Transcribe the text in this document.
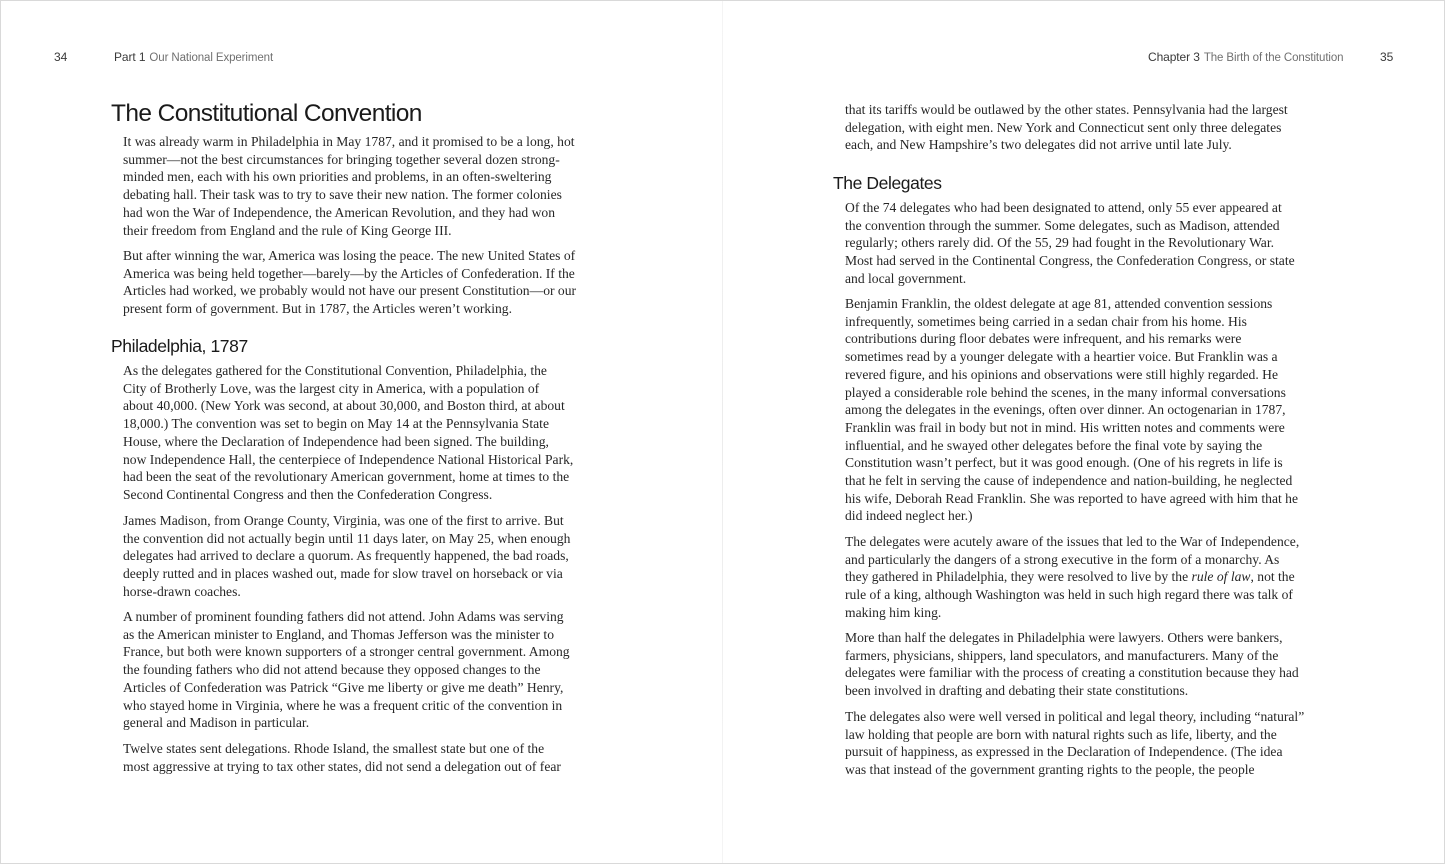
34	Part 1 Our National Experiment	Chapter 3 The Birth of the Constitution	35
The Constitutional Convention

It was already warm in Philadelphia in May 1787, and it promised to be a long, hot
summer—not the best circumstances for bringing together several dozen strong-
minded men, each with his own priorities and problems, in an often-sweltering
debating hall. Their task was to try to save their new nation. The former colonies
had won the War of Independence, the American Revolution, and they had won
their freedom from England and the rule of King George III.

But after winning the war, America was losing the peace. The new United States of
America was being held together—barely—by the Articles of Confederation. If the
Articles had worked, we probably would not have our present Constitution—or our
present form of government. But in 1787, the Articles weren’t working.

Philadelphia, 1787

As the delegates gathered for the Constitutional Convention, Philadelphia, the
City of Brotherly Love, was the largest city in America, with a population of
about 40,000. (New York was second, at about 30,000, and Boston third, at about
18,000.) The convention was set to begin on May 14 at the Pennsylvania State
House, where the Declaration of Independence had been signed. The building,
now Independence Hall, the centerpiece of Independence National Historical Park,
had been the seat of the revolutionary American government, home at times to the
Second Continental Congress and then the Confederation Congress.

James Madison, from Orange County, Virginia, was one of the first to arrive. But
the convention did not actually begin until 11 days later, on May 25, when enough
delegates had arrived to declare a quorum. As frequently happened, the bad roads,
deeply rutted and in places washed out, made for slow travel on horseback or via
horse-drawn coaches.

A number of prominent founding fathers did not attend. John Adams was serving
as the American minister to England, and Thomas Jefferson was the minister to
France, but both were known supporters of a stronger central government. Among
the founding fathers who did not attend because they opposed changes to the
Articles of Confederation was Patrick “Give me liberty or give me death” Henry,
who stayed home in Virginia, where he was a frequent critic of the convention in
general and Madison in particular.

Twelve states sent delegations. Rhode Island, the smallest state but one of the
most aggressive at trying to tax other states, did not send a delegation out of fear

that its tariffs would be outlawed by the other states. Pennsylvania had the largest
delegation, with eight men. New York and Connecticut sent only three delegates
each, and New Hampshire’s two delegates did not arrive until late July.

The Delegates

Of the 74 delegates who had been designated to attend, only 55 ever appeared at
the convention through the summer. Some delegates, such as Madison, attended
regularly; others rarely did. Of the 55, 29 had fought in the Revolutionary War.
Most had served in the Continental Congress, the Confederation Congress, or state
and local government.

Benjamin Franklin, the oldest delegate at age 81, attended convention sessions
infrequently, sometimes being carried in a sedan chair from his home. His
contributions during floor debates were infrequent, and his remarks were
sometimes read by a younger delegate with a heartier voice. But Franklin was a
revered figure, and his opinions and observations were still highly regarded. He
played a considerable role behind the scenes, in the many informal conversations
among the delegates in the evenings, often over dinner. An octogenarian in 1787,
Franklin was frail in body but not in mind. His written notes and comments were
influential, and he swayed other delegates before the final vote by saying the
Constitution wasn’t perfect, but it was good enough. (One of his regrets in life is
that he felt in serving the cause of independence and nation-building, he neglected
his wife, Deborah Read Franklin. She was reported to have agreed with him that he
did indeed neglect her.)

The delegates were acutely aware of the issues that led to the War of Independence,
and particularly the dangers of a strong executive in the form of a monarchy. As
they gathered in Philadelphia, they were resolved to live by the rule of law, not the
rule of a king, although Washington was held in such high regard there was talk of
making him king.

More than half the delegates in Philadelphia were lawyers. Others were bankers,
farmers, physicians, shippers, land speculators, and manufacturers. Many of the
delegates were familiar with the process of creating a constitution because they had
been involved in drafting and debating their state constitutions.

The delegates also were well versed in political and legal theory, including “natural”
law holding that people are born with natural rights such as life, liberty, and the
pursuit of happiness, as expressed in the Declaration of Independence. (The idea
was that instead of the government granting rights to the people, the people
